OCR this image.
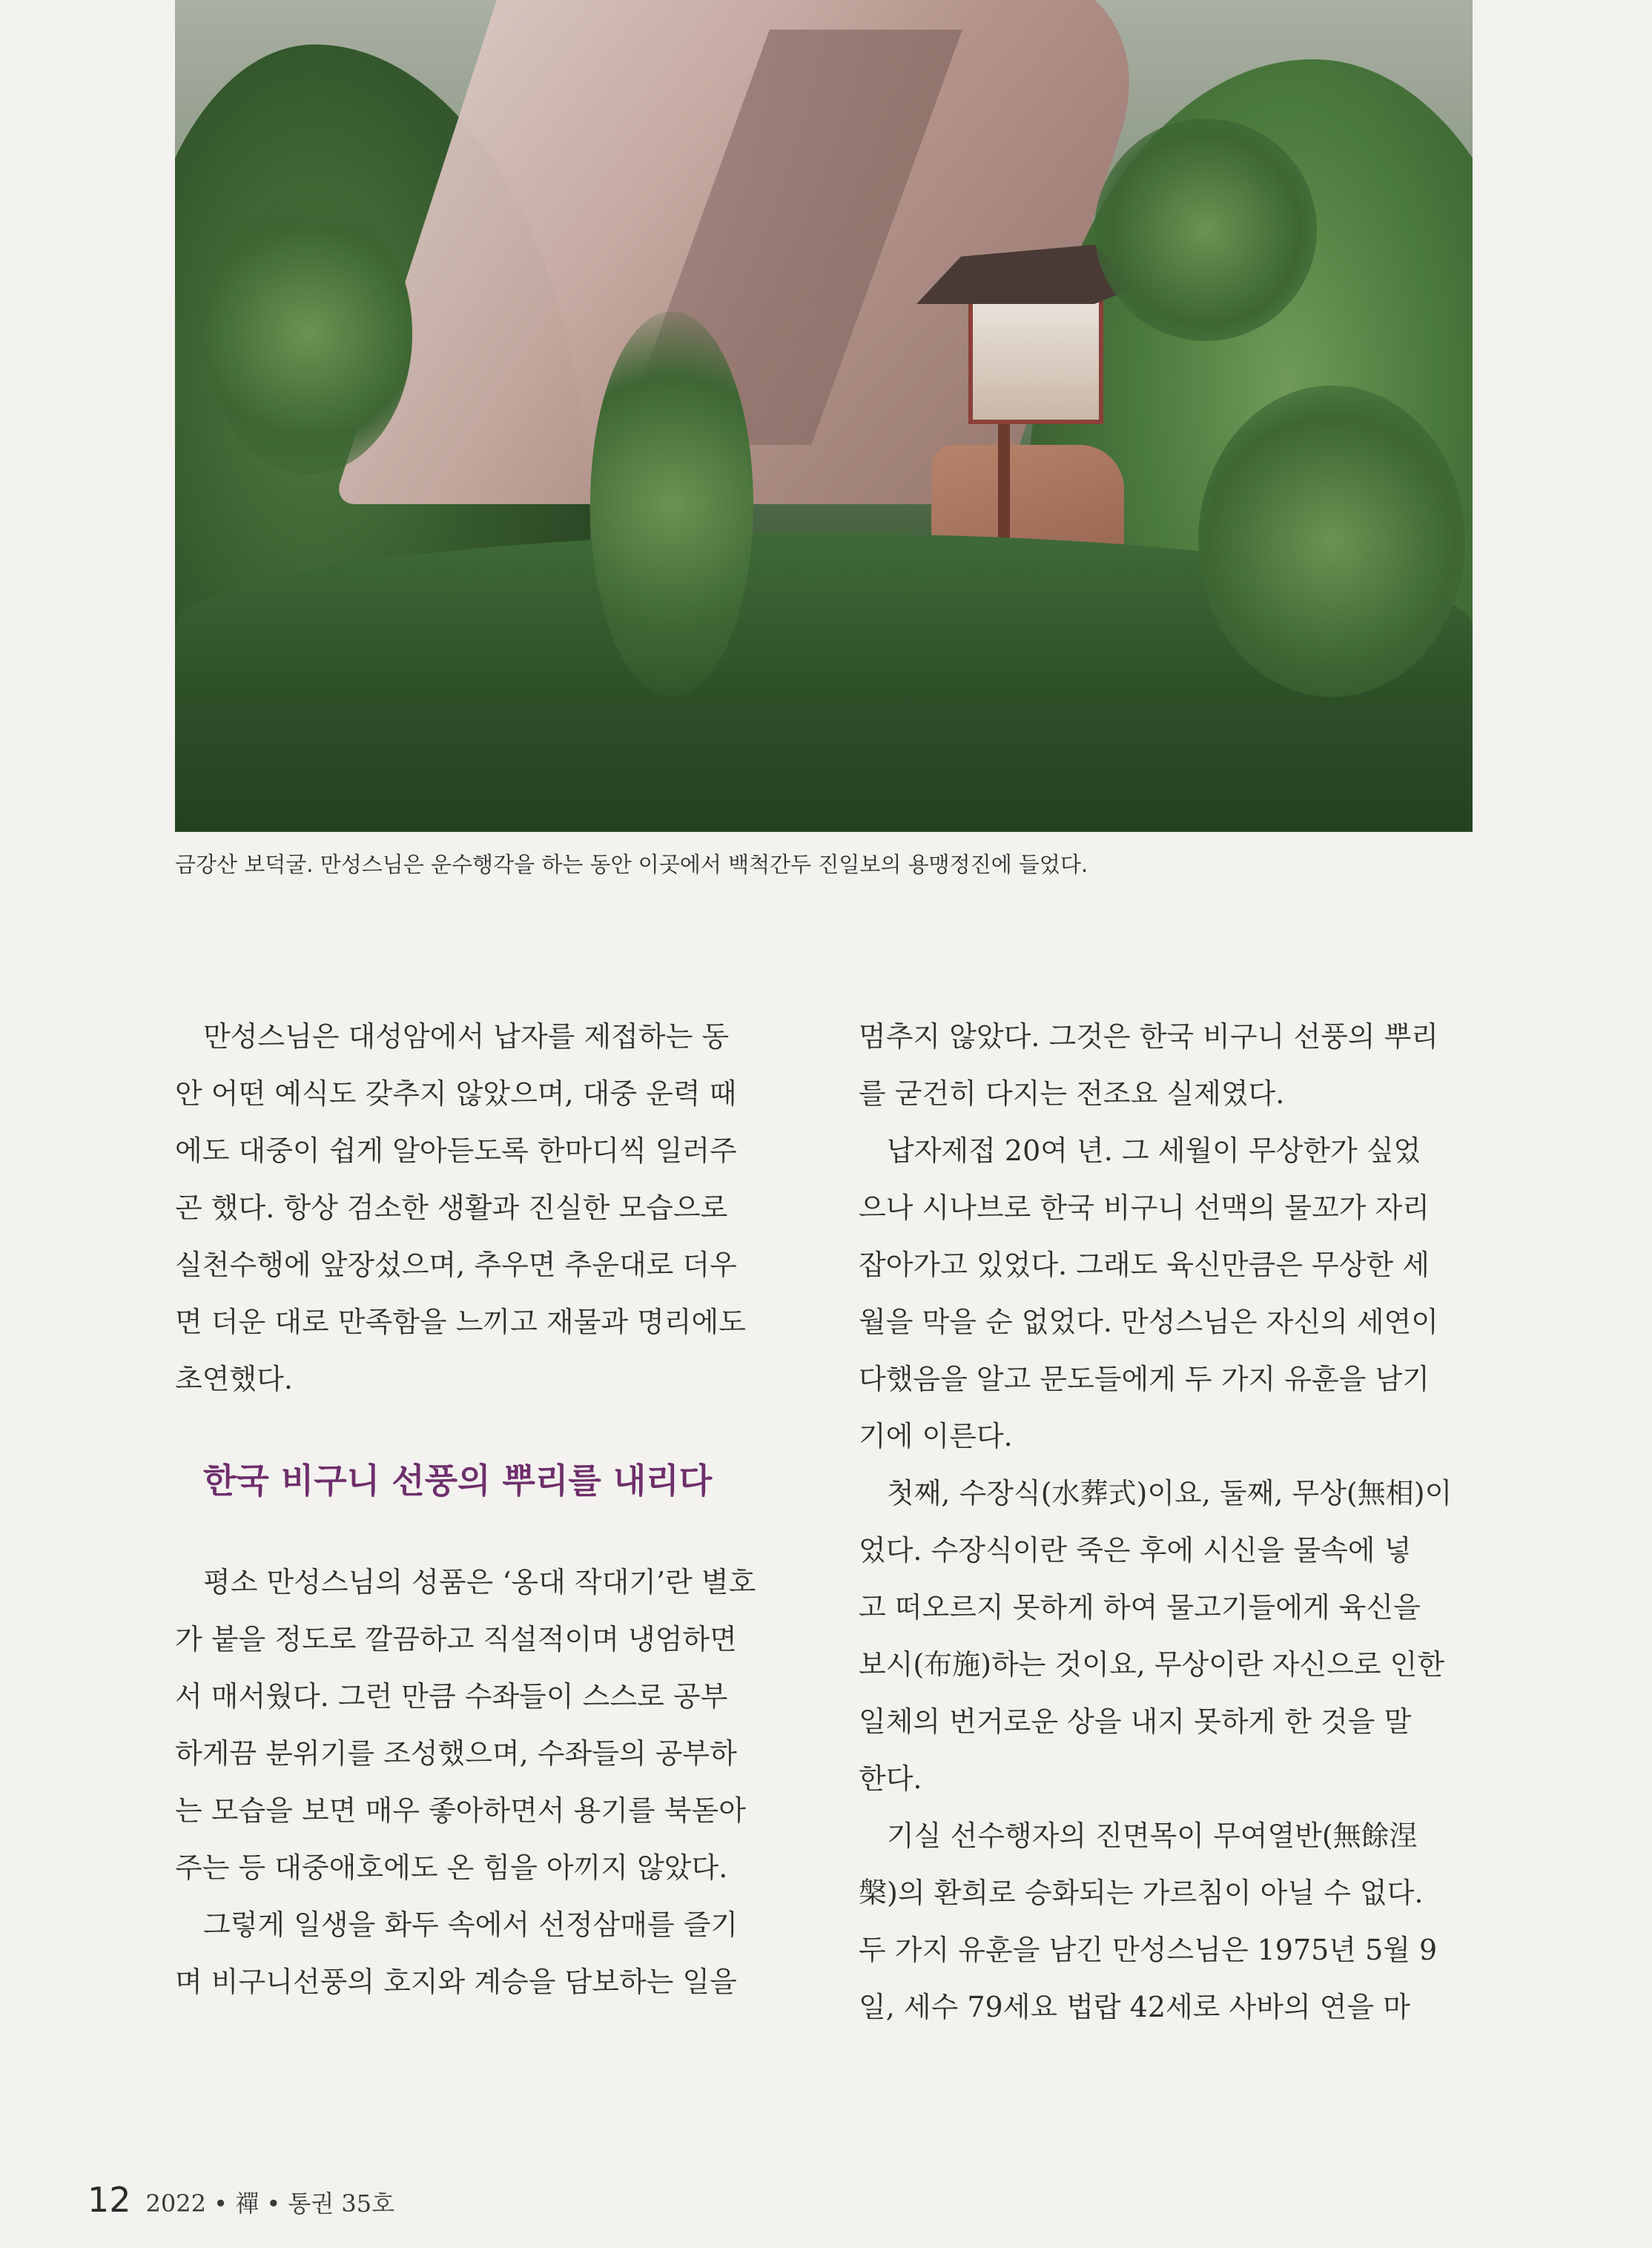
금강산 보덕굴. 만성스님은 운수행각을 하는 동안 이곳에서 백척간두 진일보의 용맹정진에 들었다.

만성스님은 대성암에서 납자를 제접하는 동
안 어떤 예식도 갖추지 않았으며, 대중 운력 때
에도 대중이 쉽게 알아듣도록 한마디씩 일러주
곤 했다. 항상 검소한 생활과 진실한 모습으로
실천수행에 앞장섰으며, 추우면 추운대로 더우
면 더운 대로 만족함을 느끼고 재물과 명리에도
초연했다.

한국 비구니 선풍의 뿌리를 내리다

평소 만성스님의 성품은 ‘옹대 작대기’란 별호
가 붙을 정도로 깔끔하고 직설적이며 냉엄하면
서 매서웠다. 그런 만큼 수좌들이 스스로 공부
하게끔 분위기를 조성했으며, 수좌들의 공부하
는 모습을 보면 매우 좋아하면서 용기를 북돋아
주는 등 대중애호에도 온 힘을 아끼지 않았다.

그렇게 일생을 화두 속에서 선정삼매를 즐기
며 비구니선풍의 호지와 계승을 담보하는 일을

멈추지 않았다. 그것은 한국 비구니 선풍의 뿌리
를 굳건히 다지는 전조요 실제였다.

납자제접 20여 년. 그 세월이 무상한가 싶었
으나 시나브로 한국 비구니 선맥의 물꼬가 자리
잡아가고 있었다. 그래도 육신만큼은 무상한 세
월을 막을 순 없었다. 만성스님은 자신의 세연이
다했음을 알고 문도들에게 두 가지 유훈을 남기
기에 이른다.

첫째, 수장식(水葬式)이요, 둘째, 무상(無相)이
었다. 수장식이란 죽은 후에 시신을 물속에 넣
고 떠오르지 못하게 하여 물고기들에게 육신을
보시(布施)하는 것이요, 무상이란 자신으로 인한
일체의 번거로운 상을 내지 못하게 한 것을 말
한다.

기실 선수행자의 진면목이 무여열반(無餘涅
槃)의 환희로 승화되는 가르침이 아닐 수 없다.
두 가지 유훈을 남긴 만성스님은 1975년 5월 9
일, 세수 79세요 법랍 42세로 사바의 연을 마

12 2022 • 禪 • 통권 35호
